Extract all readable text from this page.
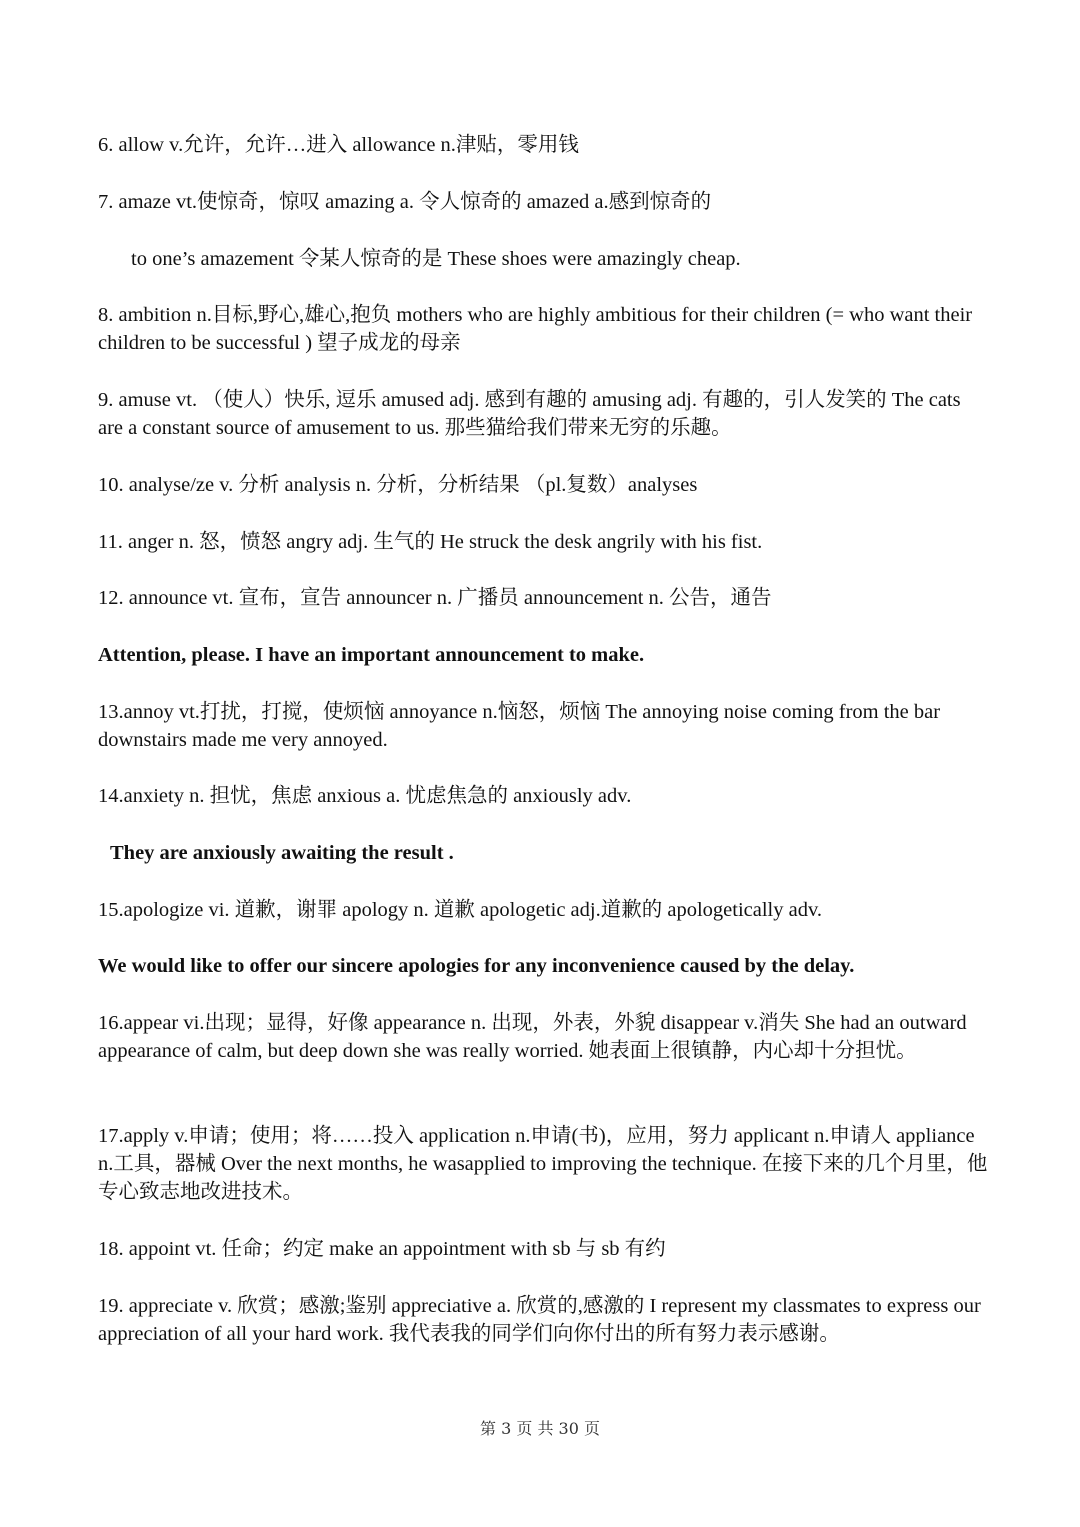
6. allow v.允许，允许…进入 allowance n.津贴，零用钱
7. amaze vt.使惊奇，惊叹 amazing a. 令人惊奇的 amazed a.感到惊奇的
to one’s amazement 令某人惊奇的是 These shoes were amazingly cheap.
8. ambition n.目标,野心,雄心,抱负 mothers who are highly ambitious for their children (= who want their children to be successful ) 望子成龙的母亲
9. amuse vt. （使人）快乐, 逗乐 amused adj. 感到有趣的 amusing adj. 有趣的，引人发笑的 The cats are a constant source of amusement to us. 那些猫给我们带来无穷的乐趣。
10. analyse/ze v. 分析 analysis n. 分析，分析结果 （pl.复数）analyses
11. anger n. 怒，愤怒 angry adj. 生气的 He struck the desk angrily with his fist.
12. announce vt. 宣布，宣告 announcer n. 广播员 announcement n. 公告，通告
Attention, please. I have an important announcement to make.
13.annoy vt.打扰，打搅，使烦恼 annoyance n.恼怒，烦恼 The annoying noise coming from the bar downstairs made me very annoyed.
14.anxiety n. 担忧，焦虑 anxious a. 忧虑焦急的 anxiously adv.
They are anxiously awaiting the result .
15.apologize vi. 道歉，谢罪 apology n. 道歉 apologetic adj.道歉的 apologetically adv.
We would like to offer our sincere apologies for any inconvenience caused by the delay.
16.appear vi.出现；显得，好像 appearance n. 出现，外表，外貌 disappear v.消失 She had an outward appearance of calm, but deep down she was really worried. 她表面上很镇静，内心却十分担忧。
17.apply v.申请；使用；将……投入 application n.申请(书)，应用，努力 applicant n.申请人 appliance n.工具，器械 Over the next months, he wasapplied to improving the technique. 在接下来的几个月里，他专心致志地改进技术。
18. appoint vt. 任命；约定 make an appointment with sb 与 sb 有约
19. appreciate v. 欣赏；感激;鉴别 appreciative a. 欣赏的,感激的 I represent my classmates to express our appreciation of all your hard work. 我代表我的同学们向你付出的所有努力表示感谢。
第 3 页 共 30 页
